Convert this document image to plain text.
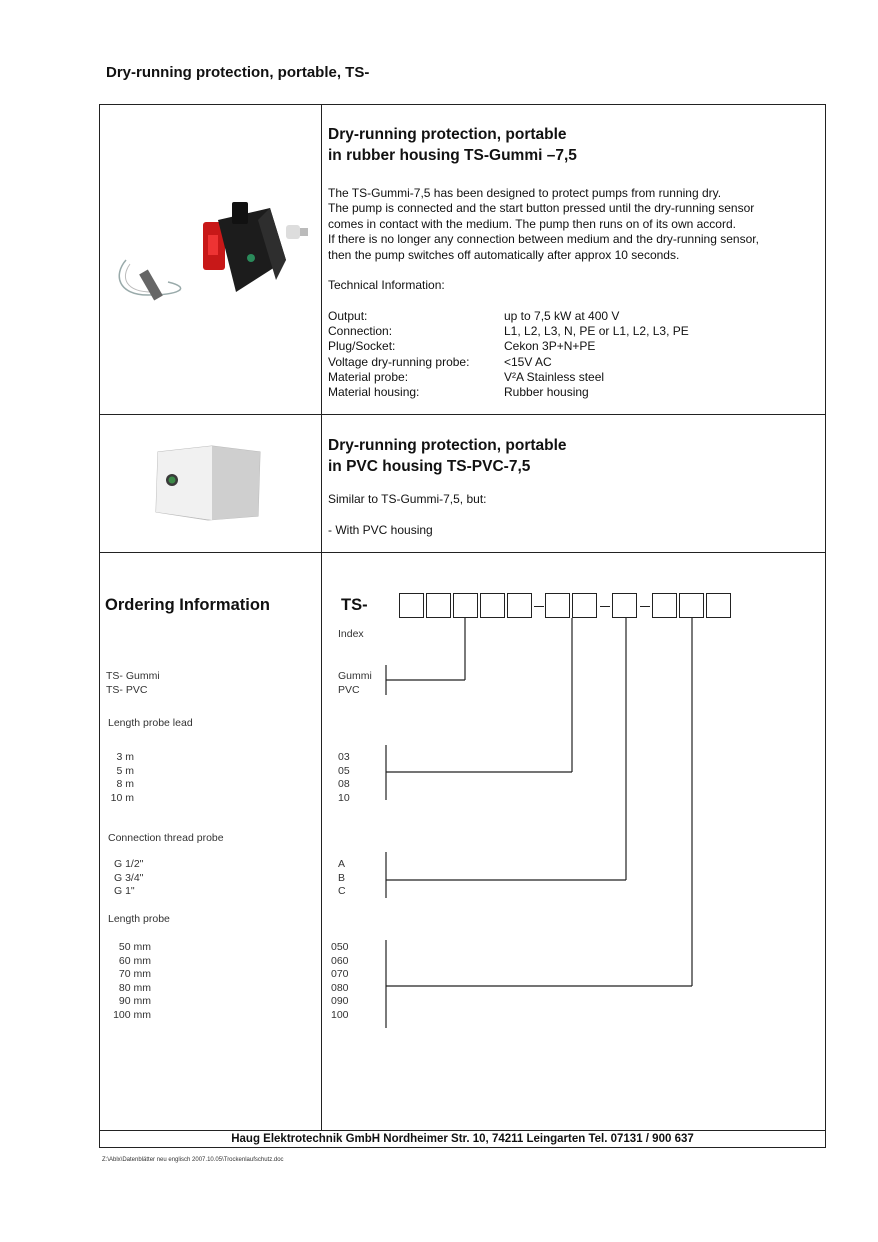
Dry-running protection, portable, TS-
Dry-running protection, portable
in rubber housing TS-Gummi –7,5
The TS-Gummi-7,5 has been designed to protect pumps from running dry.
The pump is connected and the start button pressed until the dry-running sensor
comes in contact with the medium. The pump then runs on of its own accord.
If there is no longer any connection between medium and the dry-running sensor,
then the pump switches off automatically after approx 10 seconds.
Technical Information:
Output:
Connection:
Plug/Socket:
Voltage dry-running probe:
Material probe:
Material housing:
up to 7,5 kW at 400 V
L1, L2, L3, N, PE or L1, L2, L3, PE
Cekon 3P+N+PE
<15V AC
V²A Stainless steel
Rubber housing
Dry-running protection, portable
in PVC housing TS-PVC-7,5
Similar to TS-Gummi-7,5, but:
- With PVC housing
Ordering Information	TS-
Index
TS- Gummi
TS- PVC
Gummi
PVC
Length probe lead
3 m
5 m
8 m
10 m
03
05
08
10
Connection thread probe
G 1/2"
G 3/4"
G 1"
A
B
C
Length probe
50 mm
60 mm
70 mm
80 mm
90 mm
100 mm
050
060
070
080
090
100
Haug Elektrotechnik GmbH Nordheimer Str. 10, 74211 Leingarten Tel. 07131 / 900 637
Z:\Ablx\Datenblätter neu englisch 2007.10.05\Trockenlaufschutz.doc
